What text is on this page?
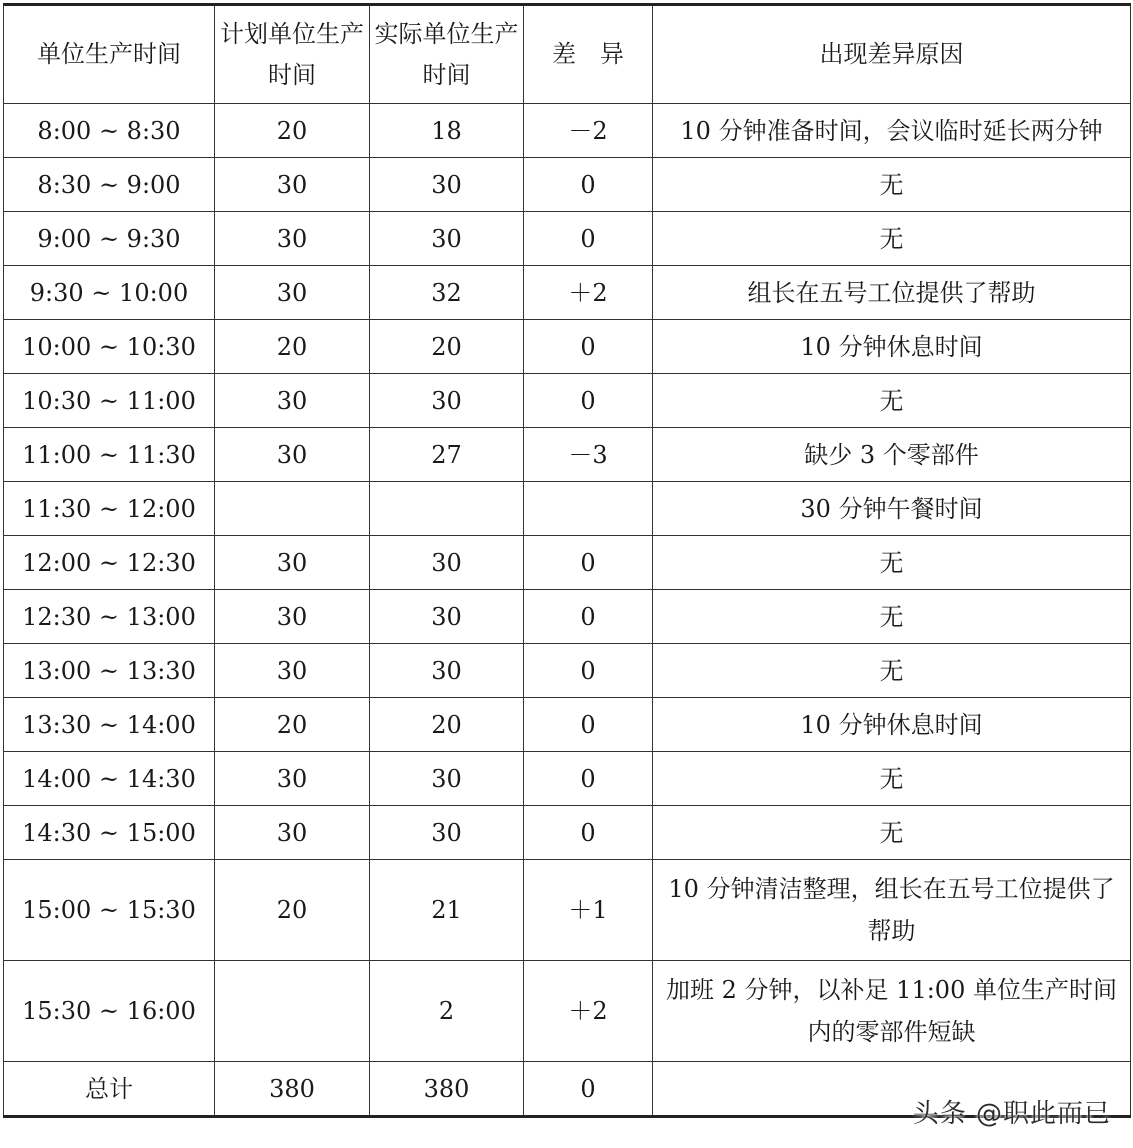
单位生产时间	计划单位生产时间	实际单位生产时间	差　异	出现差异原因
8:00 ~ 8:30	20	18	－2	10 分钟准备时间，会议临时延长两分钟
8:30 ~ 9:00	30	30	0	无
9:00 ~ 9:30	30	30	0	无
9:30 ~ 10:00	30	32	＋2	组长在五号工位提供了帮助
10:00 ~ 10:30	20	20	0	10 分钟休息时间
10:30 ~ 11:00	30	30	0	无
11:00 ~ 11:30	30	27	－3	缺少 3 个零部件
11:30 ~ 12:00				30 分钟午餐时间
12:00 ~ 12:30	30	30	0	无
12:30 ~ 13:00	30	30	0	无
13:00 ~ 13:30	30	30	0	无
13:30 ~ 14:00	20	20	0	10 分钟休息时间
14:00 ~ 14:30	30	30	0	无
14:30 ~ 15:00	30	30	0	无
15:00 ~ 15:30	20	21	＋1	10 分钟清洁整理，组长在五号工位提供了帮助
15:30 ~ 16:00		2	＋2	加班 2 分钟，以补足 11:00 单位生产时间内的零部件短缺
总计	380	380	0	
头条 @职此而已
